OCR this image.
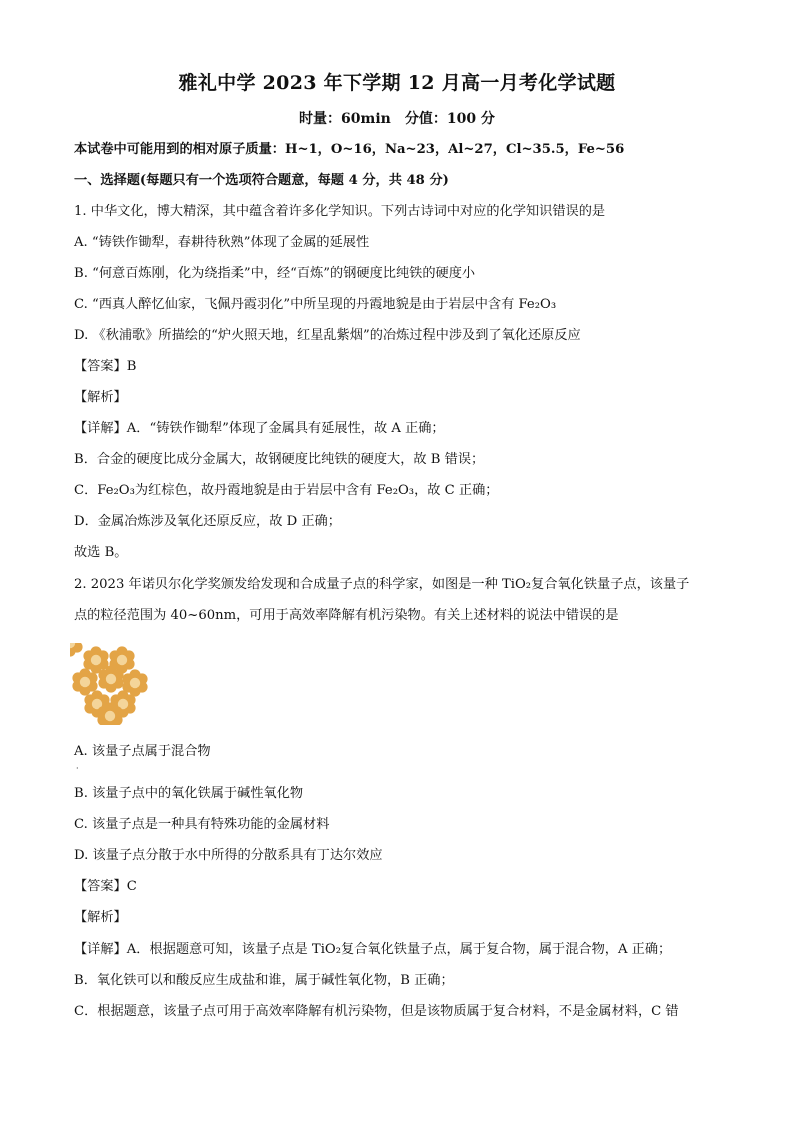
雅礼中学 2023 年下学期 12 月高一月考化学试题
时量：60min　分值：100 分
本试卷中可能用到的相对原子质量：H~1，O~16，Na~23，Al~27，Cl~35.5，Fe~56
一、选择题(每题只有一个选项符合题意，每题 4 分，共 48 分)
1. 中华文化，博大精深，其中蕴含着许多化学知识。下列古诗词中对应的化学知识错误的是
A. “铸铁作锄犁，春耕待秋熟”体现了金属的延展性
B. “何意百炼刚，化为绕指柔”中，经“百炼”的钢硬度比纯铁的硬度小
C. “西真人醉忆仙家，飞佩丹霞羽化”中所呈现的丹霞地貌是由于岩层中含有 Fe₂O₃
D. 《秋浦歌》所描绘的“炉火照天地，红星乱紫烟”的冶炼过程中涉及到了氧化还原反应
【答案】B
【解析】
【详解】A．“铸铁作锄犁”体现了金属具有延展性，故 A 正确；
B．合金的硬度比成分金属大，故钢硬度比纯铁的硬度大，故 B 错误；
C．Fe₂O₃为红棕色，故丹霞地貌是由于岩层中含有 Fe₂O₃，故 C 正确；
D．金属冶炼涉及氧化还原反应，故 D 正确；
故选 B。
2. 2023 年诺贝尔化学奖颁发给发现和合成量子点的科学家，如图是一种 TiO₂复合氧化铁量子点，该量子
点的粒径范围为 40~60nm，可用于高效率降解有机污染物。有关上述材料的说法中错误的是
A. 该量子点属于混合物
·
B. 该量子点中的氧化铁属于碱性氧化物
C. 该量子点是一种具有特殊功能的金属材料
D. 该量子点分散于水中所得的分散系具有丁达尔效应
【答案】C
【解析】
【详解】A．根据题意可知，该量子点是 TiO₂复合氧化铁量子点，属于复合物，属于混合物，A 正确；
B．氧化铁可以和酸反应生成盐和谁，属于碱性氧化物，B 正确；
C．根据题意，该量子点可用于高效率降解有机污染物，但是该物质属于复合材料，不是金属材料，C 错
